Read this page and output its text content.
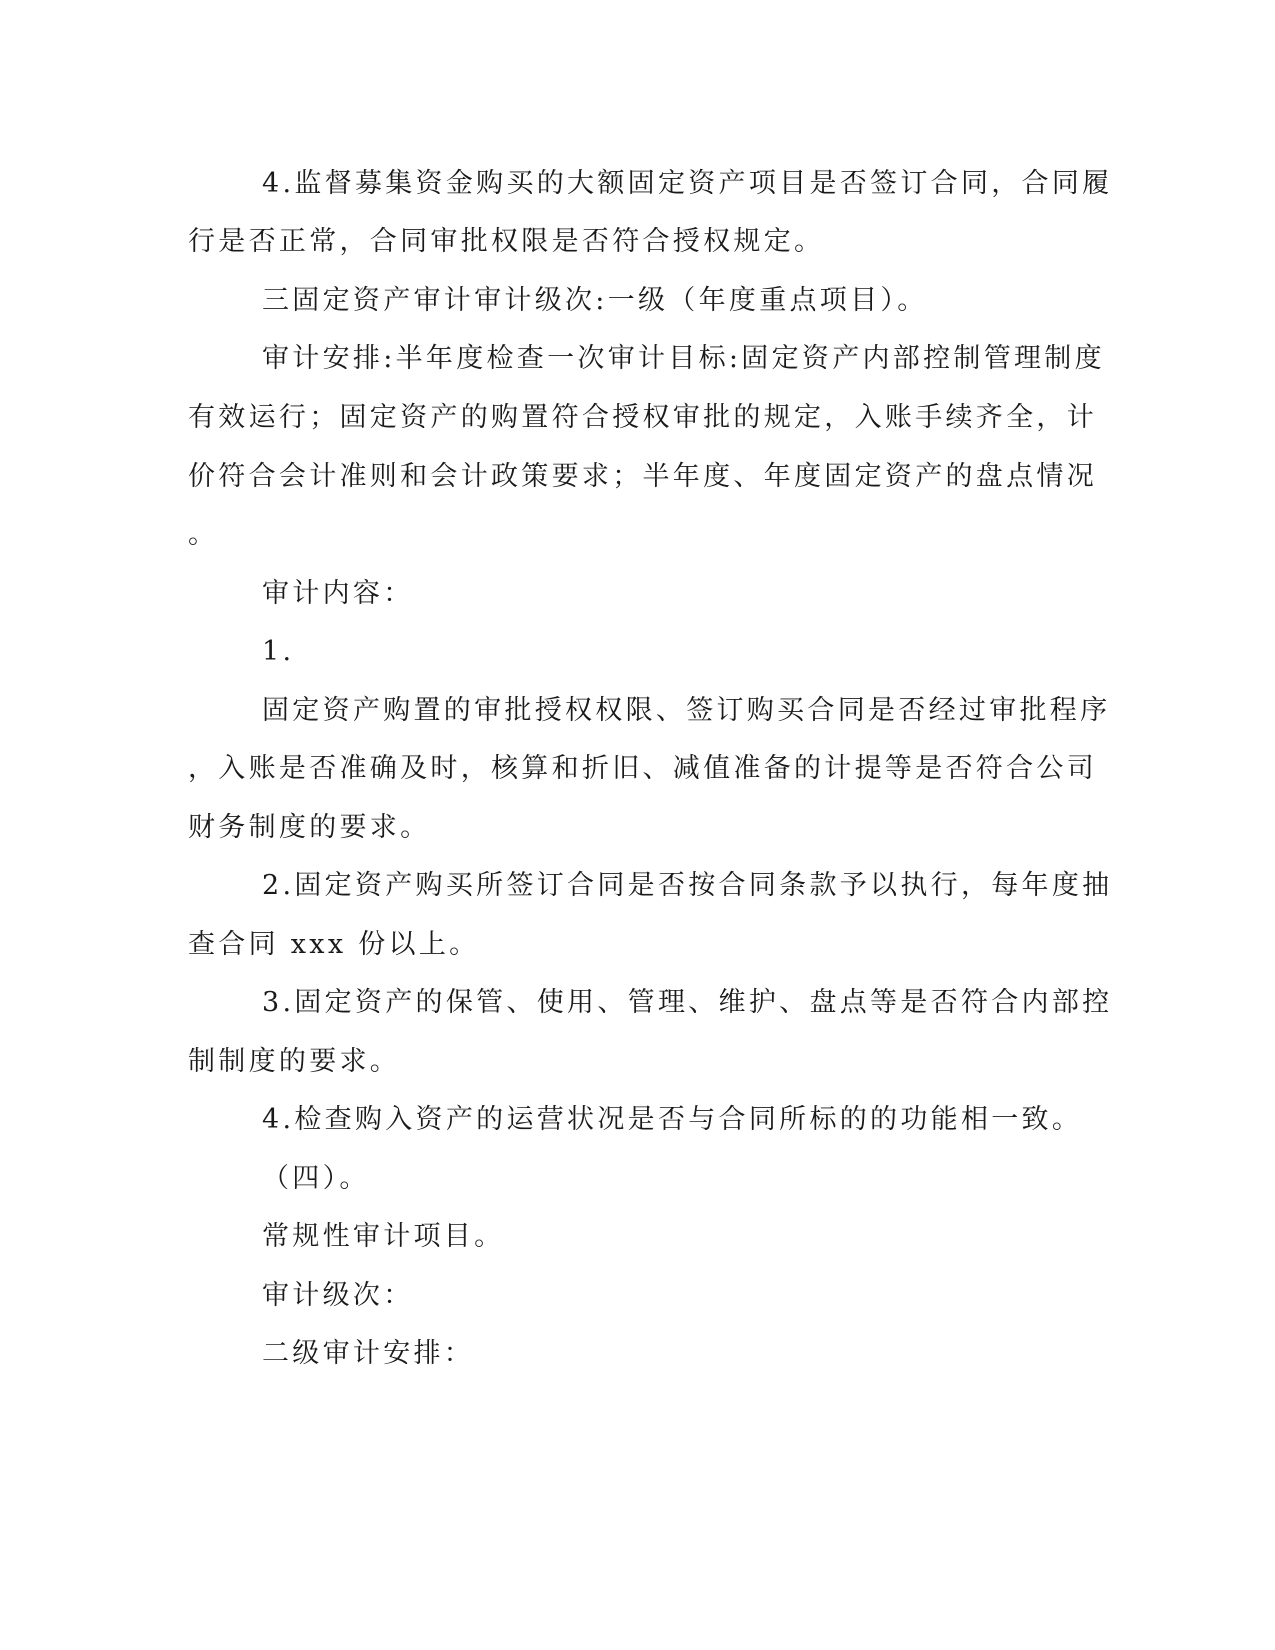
4.监督募集资金购买的大额固定资产项目是否签订合同，合同履
行是否正常，合同审批权限是否符合授权规定。
三固定资产审计审计级次:一级（年度重点项目）。
审计安排:半年度检查一次审计目标:固定资产内部控制管理制度
有效运行；固定资产的购置符合授权审批的规定，入账手续齐全，计
价符合会计准则和会计政策要求；半年度、年度固定资产的盘点情况
。
审计内容：
1.
固定资产购置的审批授权权限、签订购买合同是否经过审批程序
，入账是否准确及时，核算和折旧、减值准备的计提等是否符合公司
财务制度的要求。
2.固定资产购买所签订合同是否按合同条款予以执行，每年度抽
查合同 xxx 份以上。
3.固定资产的保管、使用、管理、维护、盘点等是否符合内部控
制制度的要求。
4.检查购入资产的运营状况是否与合同所标的的功能相一致。
（四）。
常规性审计项目。
审计级次：
二级审计安排：
